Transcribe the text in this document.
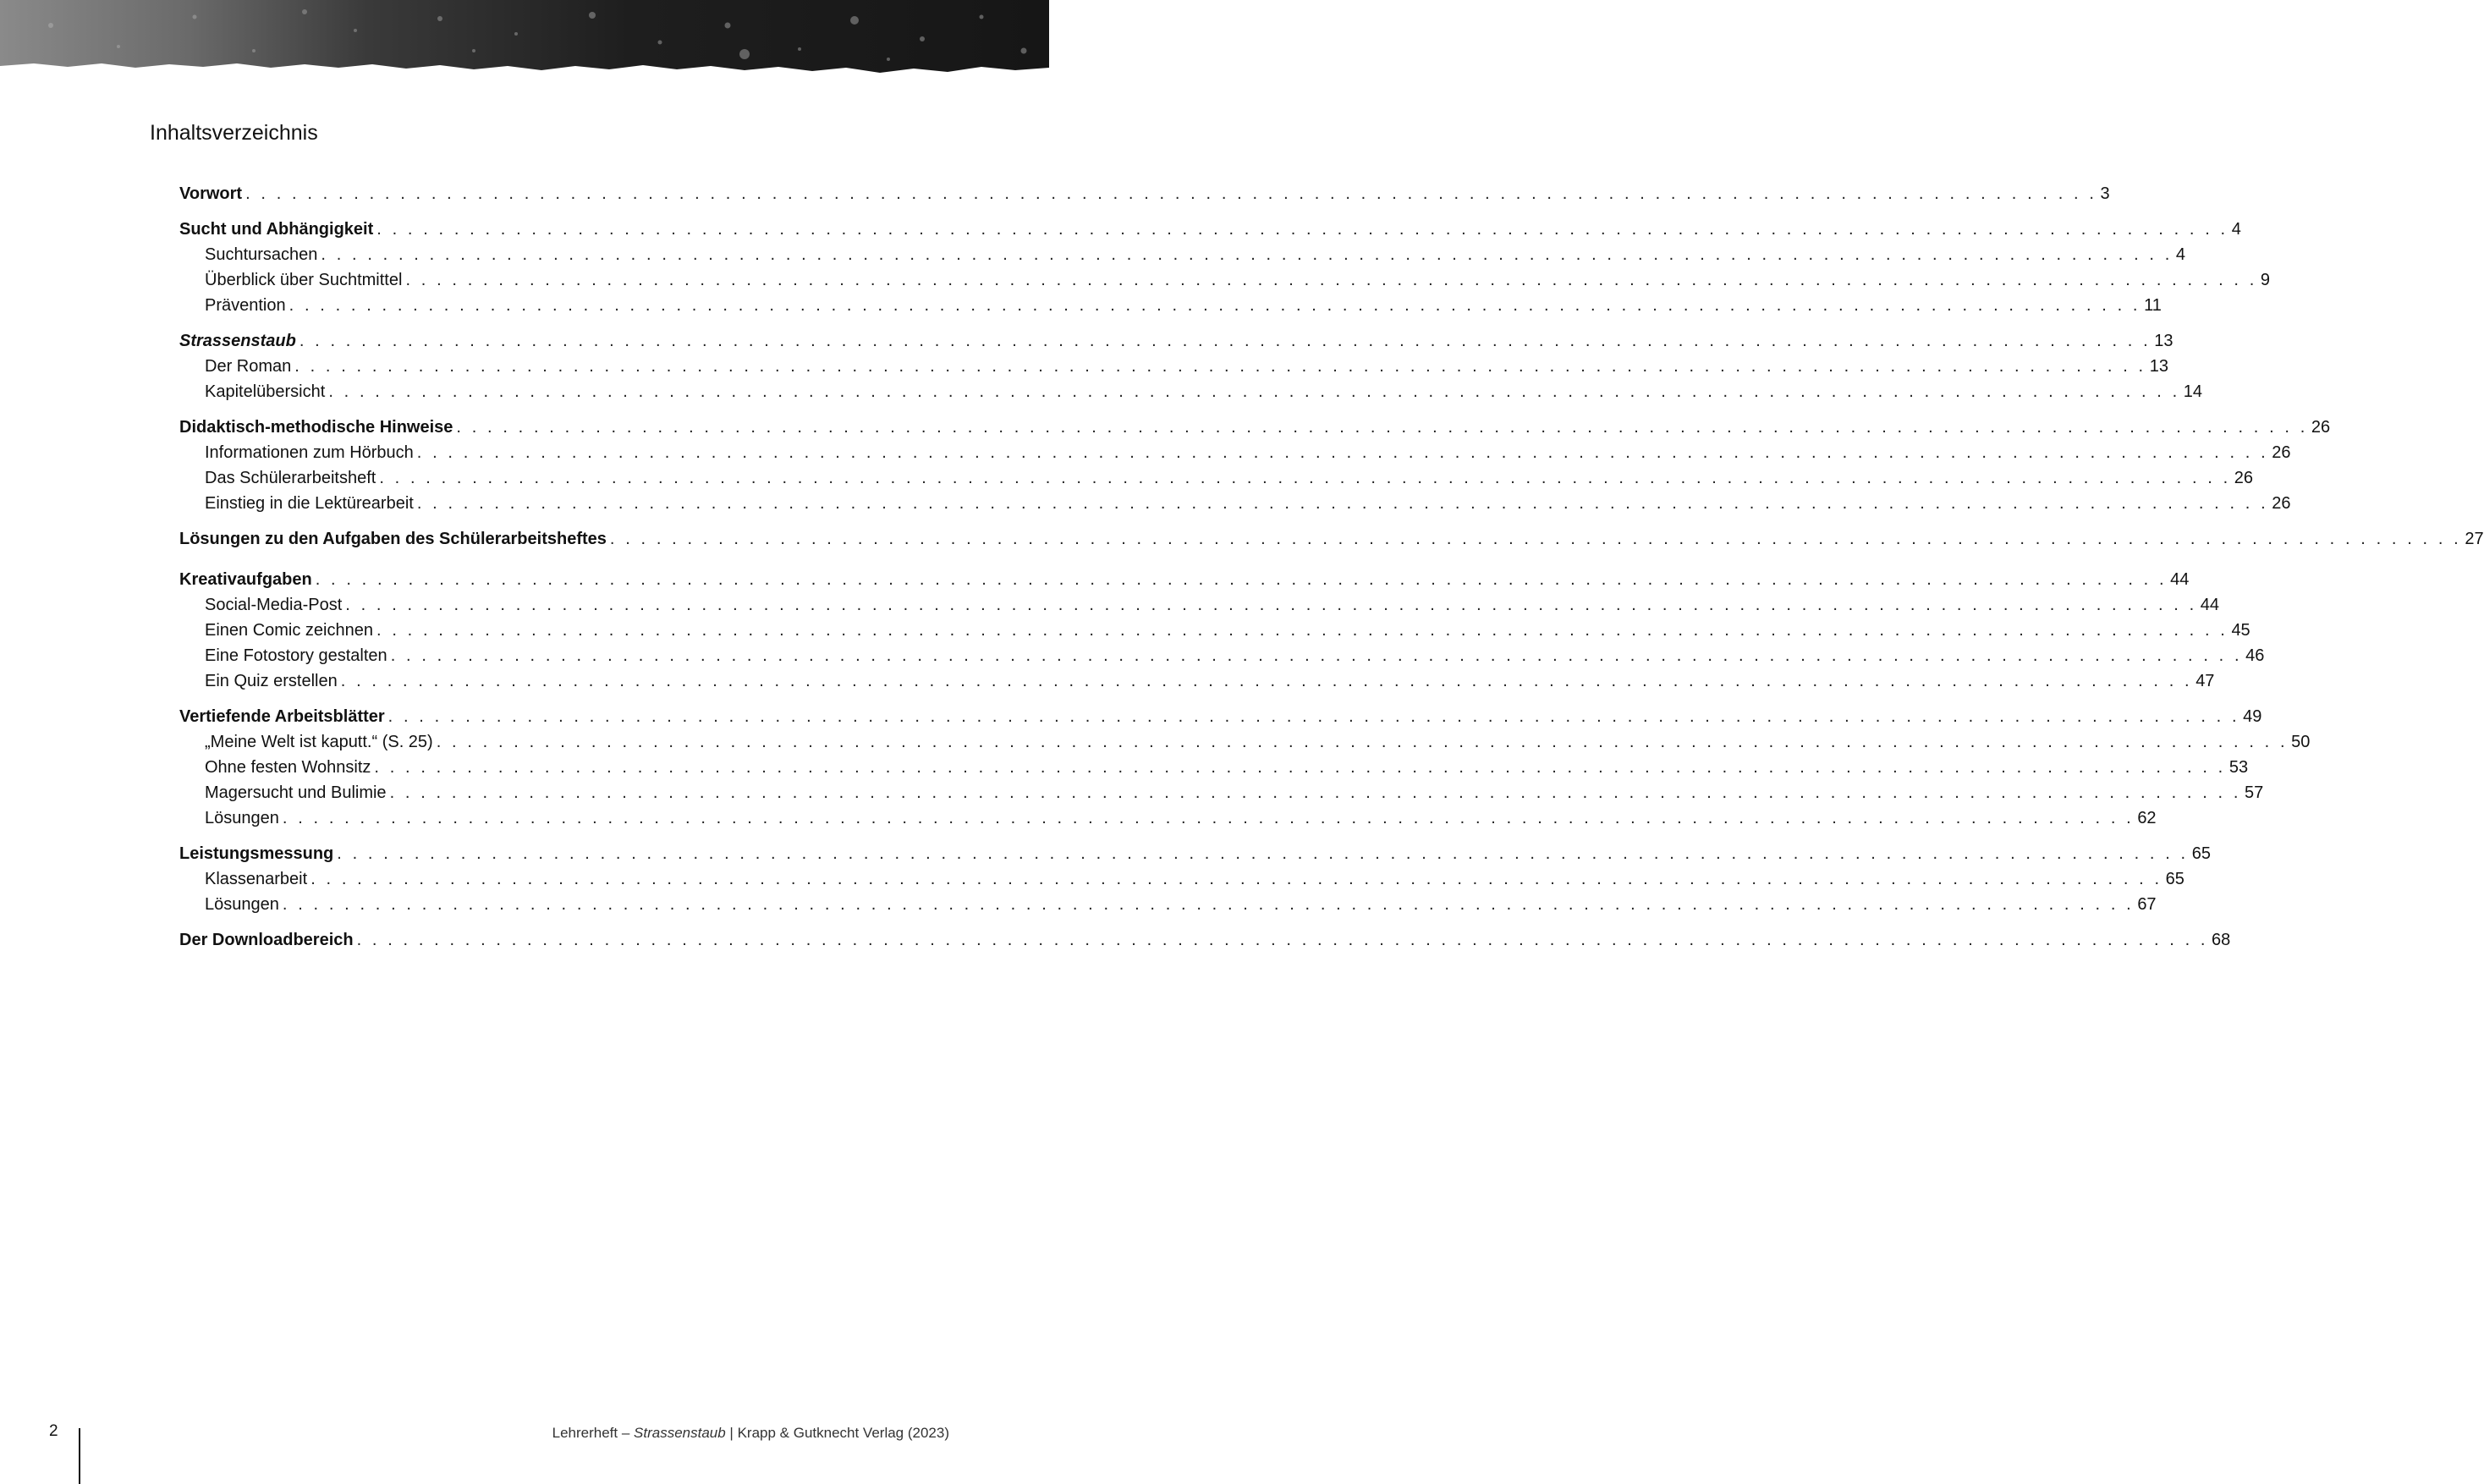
Inhaltsverzeichnis
Vorwort . . . . . . . . . . . . . . . . . . . . . . . . . . . . . . . . . . . . . . . . . . . . . . . . . . . . . . . . . . . . . . . . . . . . . . . . . . . . . . . . . . . . . . . . . . . . . . . . . . . . . . . . . . . . . . . . . . . . . . . . 3
Sucht und Abhängigkeit . . . . . . . . . . . . . . . . . . . . . . . . . . . . . . . . . . . . . . . . . . . . . . . . . . . . . . . . . . . . . . . . . . . . . . . . . . . . . . . . . . . . . . . . . . . . . . . . . . . . . . . . . . . . . . . . . . . . . . . . 4
Suchtursachen . . . . . . . . . . . . . . . . . . . . . . . . . . . . . . . . . . . . . . . . . . . . . . . . . . . . . . . . . . . . . . . . . . . . . . . . . . . . . . . . . . . . . . . . . . . . . . . . . . . . . . . . . . . . . . . . . . . . . . . . 4
Überblick über Suchtmittel . . . . . . . . . . . . . . . . . . . . . . . . . . . . . . . . . . . . . . . . . . . . . . . . . . . . . . . . . . . . . . . . . . . . . . . . . . . . . . . . . . . . . . . . . . . . . . . . . . . . . . . . . . . . . . . . . . . . . . . . 9
Prävention . . . . . . . . . . . . . . . . . . . . . . . . . . . . . . . . . . . . . . . . . . . . . . . . . . . . . . . . . . . . . . . . . . . . . . . . . . . . . . . . . . . . . . . . . . . . . . . . . . . . . . . . . . . . . . . . . . . . . . . . 11
Strassenstaub . . . . . . . . . . . . . . . . . . . . . . . . . . . . . . . . . . . . . . . . . . . . . . . . . . . . . . . . . . . . . . . . . . . . . . . . . . . . . . . . . . . . . . . . . . . . . . . . . . . . . . . . . . . . . . . . . . . . . . . . 13
Der Roman . . . . . . . . . . . . . . . . . . . . . . . . . . . . . . . . . . . . . . . . . . . . . . . . . . . . . . . . . . . . . . . . . . . . . . . . . . . . . . . . . . . . . . . . . . . . . . . . . . . . . . . . . . . . . . . . . . . . . . . . 13
Kapitelübersicht . . . . . . . . . . . . . . . . . . . . . . . . . . . . . . . . . . . . . . . . . . . . . . . . . . . . . . . . . . . . . . . . . . . . . . . . . . . . . . . . . . . . . . . . . . . . . . . . . . . . . . . . . . . . . . . . . . . . . . . . 14
Didaktisch-methodische Hinweise . . . . . . . . . . . . . . . . . . . . . . . . . . . . . . . . . . . . . . . . . . . . . . . . . . . . . . . . . . . . . . . . . . . . . . . . . . . . . . . . . . . . . . . . . . . . . . . . . . . . . . . . . . . . . . . . . . . . . . . . 26
Informationen zum Hörbuch . . . . . . . . . . . . . . . . . . . . . . . . . . . . . . . . . . . . . . . . . . . . . . . . . . . . . . . . . . . . . . . . . . . . . . . . . . . . . . . . . . . . . . . . . . . . . . . . . . . . . . . . . . . . . . . . . . . . . . . . 26
Das Schülerarbeitsheft . . . . . . . . . . . . . . . . . . . . . . . . . . . . . . . . . . . . . . . . . . . . . . . . . . . . . . . . . . . . . . . . . . . . . . . . . . . . . . . . . . . . . . . . . . . . . . . . . . . . . . . . . . . . . . . . . . . . . . . . 26
Einstieg in die Lektürearbeit . . . . . . . . . . . . . . . . . . . . . . . . . . . . . . . . . . . . . . . . . . . . . . . . . . . . . . . . . . . . . . . . . . . . . . . . . . . . . . . . . . . . . . . . . . . . . . . . . . . . . . . . . . . . . . . . . . . . . . . . 26
Lösungen zu den Aufgaben des Schülerarbeitsheftes . . . . . . . . . . . . . . . . . . . . . . . . . . . . . . . . . . . . . . . . . . . . . . . . . . . . . . . . . . . . . . . . . . . . . . . . . . . . . . . . . . . . . . . . . . . . . . . . . . . . . . . . . . . . . . . . . . . . . . . . 27
Kreativaufgaben . . . . . . . . . . . . . . . . . . . . . . . . . . . . . . . . . . . . . . . . . . . . . . . . . . . . . . . . . . . . . . . . . . . . . . . . . . . . . . . . . . . . . . . . . . . . . . . . . . . . . . . . . . . . . . . . . . . . . . . . 44
Social-Media-Post . . . . . . . . . . . . . . . . . . . . . . . . . . . . . . . . . . . . . . . . . . . . . . . . . . . . . . . . . . . . . . . . . . . . . . . . . . . . . . . . . . . . . . . . . . . . . . . . . . . . . . . . . . . . . . . . . . . . . . . . 44
Einen Comic zeichnen . . . . . . . . . . . . . . . . . . . . . . . . . . . . . . . . . . . . . . . . . . . . . . . . . . . . . . . . . . . . . . . . . . . . . . . . . . . . . . . . . . . . . . . . . . . . . . . . . . . . . . . . . . . . . . . . . . . . . . . . 45
Eine Fotostory gestalten . . . . . . . . . . . . . . . . . . . . . . . . . . . . . . . . . . . . . . . . . . . . . . . . . . . . . . . . . . . . . . . . . . . . . . . . . . . . . . . . . . . . . . . . . . . . . . . . . . . . . . . . . . . . . . . . . . . . . . . . 46
Ein Quiz erstellen . . . . . . . . . . . . . . . . . . . . . . . . . . . . . . . . . . . . . . . . . . . . . . . . . . . . . . . . . . . . . . . . . . . . . . . . . . . . . . . . . . . . . . . . . . . . . . . . . . . . . . . . . . . . . . . . . . . . . . . . 47
Vertiefende Arbeitsblätter . . . . . . . . . . . . . . . . . . . . . . . . . . . . . . . . . . . . . . . . . . . . . . . . . . . . . . . . . . . . . . . . . . . . . . . . . . . . . . . . . . . . . . . . . . . . . . . . . . . . . . . . . . . . . . . . . . . . . . . . 49
„Meine Welt ist kaputt.“ (S. 25) . . . . . . . . . . . . . . . . . . . . . . . . . . . . . . . . . . . . . . . . . . . . . . . . . . . . . . . . . . . . . . . . . . . . . . . . . . . . . . . . . . . . . . . . . . . . . . . . . . . . . . . . . . . . . . . . . . . . . . . . 50
Ohne festen Wohnsitz . . . . . . . . . . . . . . . . . . . . . . . . . . . . . . . . . . . . . . . . . . . . . . . . . . . . . . . . . . . . . . . . . . . . . . . . . . . . . . . . . . . . . . . . . . . . . . . . . . . . . . . . . . . . . . . . . . . . . . . . 53
Magersucht und Bulimie . . . . . . . . . . . . . . . . . . . . . . . . . . . . . . . . . . . . . . . . . . . . . . . . . . . . . . . . . . . . . . . . . . . . . . . . . . . . . . . . . . . . . . . . . . . . . . . . . . . . . . . . . . . . . . . . . . . . . . . . 57
Lösungen . . . . . . . . . . . . . . . . . . . . . . . . . . . . . . . . . . . . . . . . . . . . . . . . . . . . . . . . . . . . . . . . . . . . . . . . . . . . . . . . . . . . . . . . . . . . . . . . . . . . . . . . . . . . . . . . . . . . . . . . 62
Leistungsmessung . . . . . . . . . . . . . . . . . . . . . . . . . . . . . . . . . . . . . . . . . . . . . . . . . . . . . . . . . . . . . . . . . . . . . . . . . . . . . . . . . . . . . . . . . . . . . . . . . . . . . . . . . . . . . . . . . . . . . . . . 65
Klassenarbeit . . . . . . . . . . . . . . . . . . . . . . . . . . . . . . . . . . . . . . . . . . . . . . . . . . . . . . . . . . . . . . . . . . . . . . . . . . . . . . . . . . . . . . . . . . . . . . . . . . . . . . . . . . . . . . . . . . . . . . . . 65
Lösungen . . . . . . . . . . . . . . . . . . . . . . . . . . . . . . . . . . . . . . . . . . . . . . . . . . . . . . . . . . . . . . . . . . . . . . . . . . . . . . . . . . . . . . . . . . . . . . . . . . . . . . . . . . . . . . . . . . . . . . . . 67
Der Downloadbereich . . . . . . . . . . . . . . . . . . . . . . . . . . . . . . . . . . . . . . . . . . . . . . . . . . . . . . . . . . . . . . . . . . . . . . . . . . . . . . . . . . . . . . . . . . . . . . . . . . . . . . . . . . . . . . . . . . . . . . . . 68
2	Lehrerheft – Strassenstaub | Krapp & Gutknecht Verlag (2023)
